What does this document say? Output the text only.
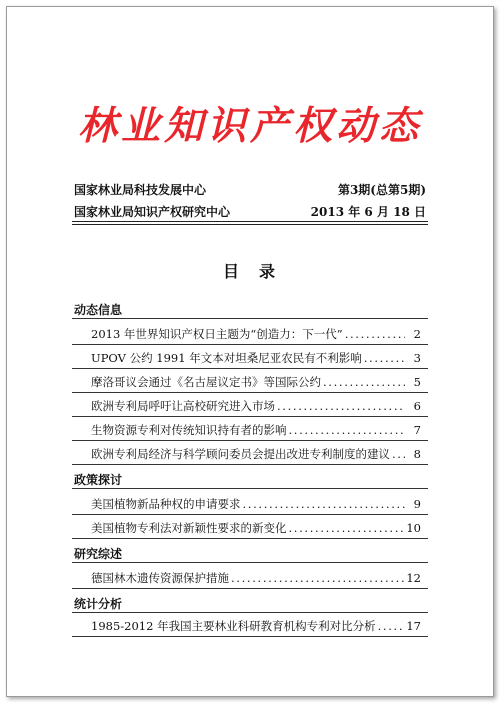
林业知识产权动态
国家林业局科技发展中心	第3期(总第5期)
国家林业局知识产权研究中心	2013 年 6 月 18 日
目　录
动态信息
2013 年世界知识产权日主题为“创造力：下一代” . . .	2
UPOV 公约 1991 年文本对坦桑尼亚农民有不利影响 . . .	3
摩洛哥议会通过《名古屋议定书》等国际公约 . . .	5
欧洲专利局呼吁让高校研究进入市场 . . .	6
生物资源专利对传统知识持有者的影响 . . .	7
欧洲专利局经济与科学顾问委员会提出改进专利制度的建议 . . .	8
政策探讨
美国植物新品种权的申请要求 . . .	9
美国植物专利法对新颖性要求的新变化 . . .	10
研究综述
德国林木遗传资源保护措施 . . .	12
统计分析
1985-2012 年我国主要林业科研教育机构专利对比分析 . . .	17
